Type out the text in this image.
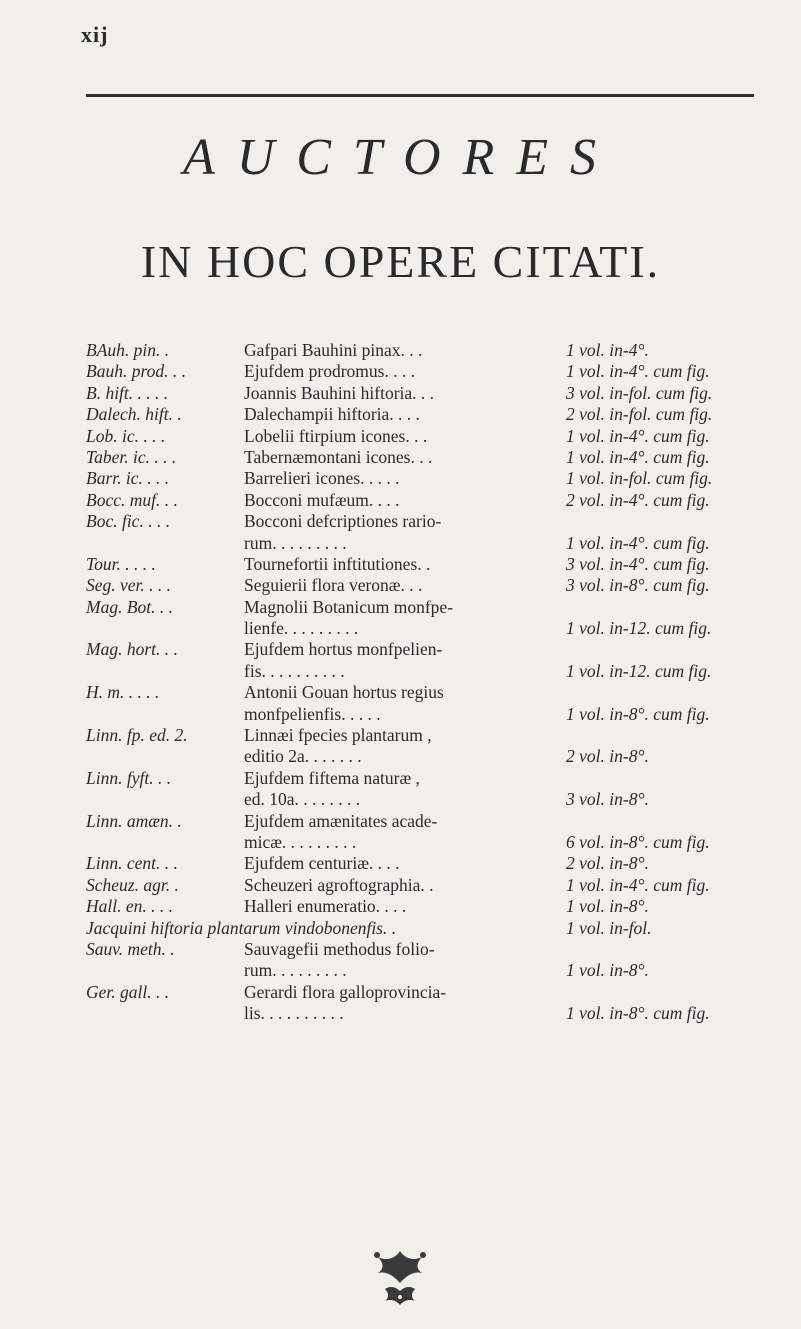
xij
AUCTORES
IN HOC OPERE CITATI.
BAuh. pin. .	Gafpari Bauhini pinax. . .	1 vol. in-4°.
Bauh. prod. . .	Ejufdem prodromus. . . .	1 vol. in-4°. cum fig.
B. hift. . . . .	Joannis Bauhini hiftoria. . .	3 vol. in-fol. cum fig.
Dalech. hift. .	Dalechampii hiftoria. . . .	2 vol. in-fol. cum fig.
Lob. ic. . . .	Lobelii ftirpium icones. . .	1 vol. in-4°. cum fig.
Taber. ic. . . .	Tabernæmontani icones. . .	1 vol. in-4°. cum fig.
Barr. ic. . . .	Barrelieri icones. . . . .	1 vol. in-fol. cum fig.
Bocc. muf. . .	Bocconi mufæum. . . .	2 vol. in-4°. cum fig.
Boc. fic. . . .	Bocconi defcriptiones rario-
rum. . . . . . . . .	1 vol. in-4°. cum fig.
Tour. . . . .	Tournefortii inftitutiones. .	3 vol. in-4°. cum fig.
Seg. ver. . . .	Seguierii flora veronæ. . .	3 vol. in-8°. cum fig.
Mag. Bot. . .	Magnolii Botanicum monfpe-
lienfe. . . . . . . . .	1 vol. in-12. cum fig.
Mag. hort. . .	Ejufdem hortus monfpelien-
fis. . . . . . . . . .	1 vol. in-12. cum fig.
H. m. . . . .	Antonii Gouan hortus regius
monfpelienfis. . . . .	1 vol. in-8°. cum fig.
Linn. fp. ed. 2.	Linnæi fpecies plantarum ,
editio 2a. . . . . . .	2 vol. in-8°.
Linn. fyft. . .	Ejufdem fiftema naturæ ,
ed. 10a. . . . . . . .	3 vol. in-8°.
Linn. amæn. .	Ejufdem amænitates acade-
micæ. . . . . . . . .	6 vol. in-8°. cum fig.
Linn. cent. . .	Ejufdem centuriæ. . . .	2 vol. in-8°.
Scheuz. agr. .	Scheuzeri agroftographia. .	1 vol. in-4°. cum fig.
Hall. en. . . .	Halleri enumeratio. . . .	1 vol. in-8°.
Jacquini hiftoria plantarum vindobonenfis. .	1 vol. in-fol.
Sauv. meth. .	Sauvagefii methodus folio-
rum. . . . . . . . .	1 vol. in-8°.
Ger. gall. . .	Gerardi flora galloprovincia-
lis. . . . . . . . . .	1 vol. in-8°. cum fig.
